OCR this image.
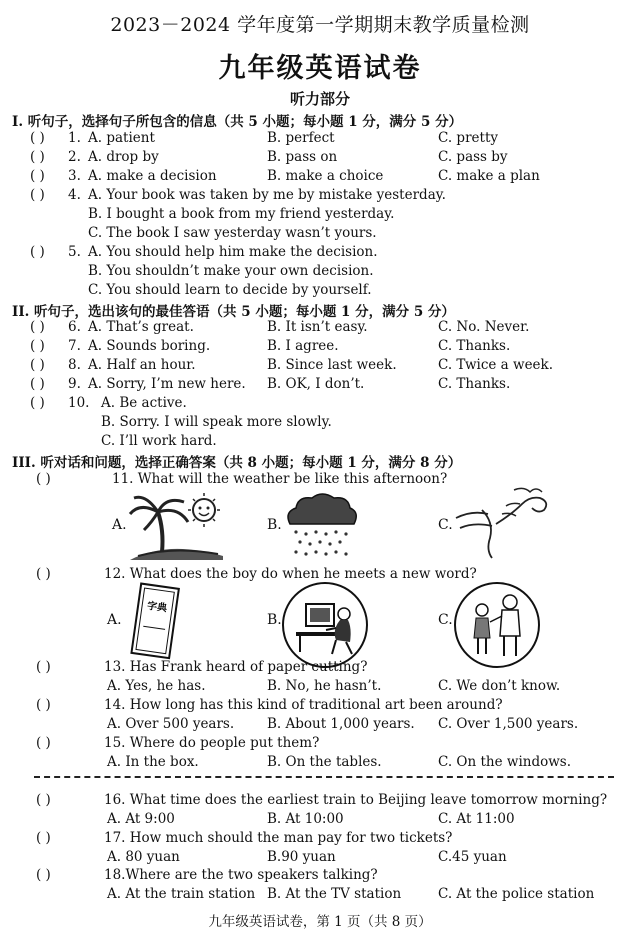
2023－2024 学年度第一学期期末教学质量检测
九年级英语试卷
听力部分
I. 听句子，选择句子所包含的信息（共 5 小题；每小题 1 分，满分 5 分）
( ) 1. A. patient	B. perfect	C. pretty
( ) 2. A. drop by	B. pass on	C. pass by
( ) 3. A. make a decision	B. make a choice	C. make a plan
( ) 4. A. Your book was taken by me by mistake yesterday.
B. I bought a book from my friend yesterday.
C. The book I saw yesterday wasn’t yours.
( ) 5. A. You should help him make the decision.
B. You shouldn’t make your own decision.
C. You should learn to decide by yourself.
II. 听句子，选出该句的最佳答语（共 5 小题；每小题 1 分，满分 5 分）
( ) 6. A. That’s great.	B. It isn’t easy.	C. No. Never.
( ) 7. A. Sounds boring.	B. I agree.	C. Thanks.
( ) 8. A. Half an hour.	B. Since last week.	C. Twice a week.
( ) 9. A. Sorry, I’m new here. B. OK, I don’t.	C. Thanks.
( ) 10. A. Be active.
B. Sorry. I will speak more slowly.
C. I’ll work hard.
III. 听对话和问题，选择正确答案（共 8 小题；每小题 1 分，满分 8 分）
( )	11. What will the weather be like this afternoon?
A.	B.	C.
( )	12. What does the boy do when he meets a new word?
A.	B.	C.
字典
( )	13. Has Frank heard of paper cutting?
A. Yes, he has.	B. No, he hasn’t.	C. We don’t know.
( )	14. How long has this kind of traditional art been around?
A. Over 500 years. B. About 1,000 years. C. Over 1,500 years.
( )	15. Where do people put them?
A. In the box.	B. On the tables.	C. On the windows.
( )	16. What time does the earliest train to Beijing leave tomorrow morning?
A. At 9:00	B. At 10:00	C. At 11:00
( )	17. How much should the man pay for two tickets?
A. 80 yuan	B.90 yuan	C.45 yuan
( )	18.Where are the two speakers talking?
A. At the train station B. At the TV station	C. At the police station
九年级英语试卷，第 1 页（共 8 页）
